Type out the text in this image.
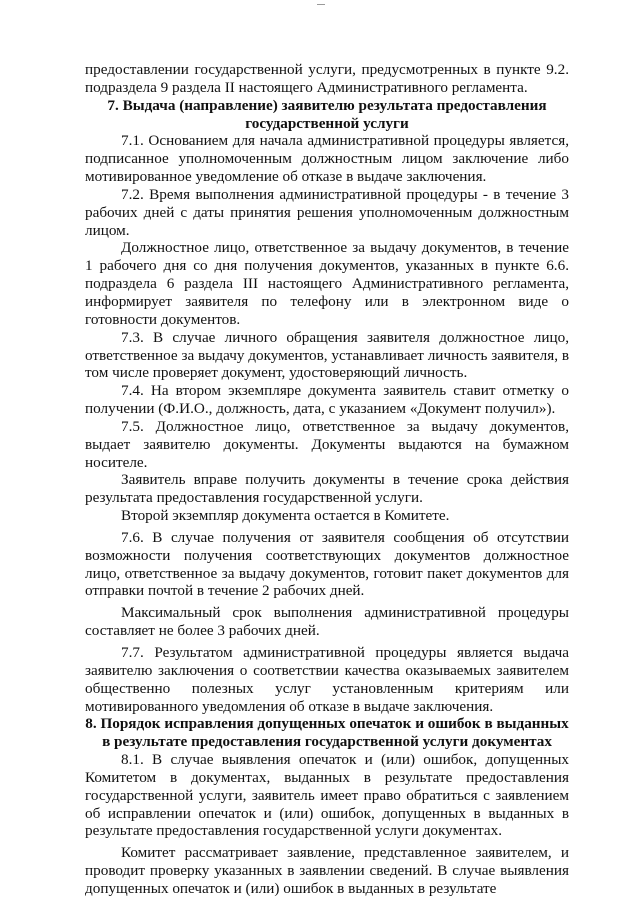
предоставлении государственной услуги, предусмотренных в пункте 9.2. подраздела 9 раздела II настоящего Административного регламента.

7. Выдача (направление) заявителю результата предоставления государственной услуги

7.1. Основанием для начала административной процедуры является, подписанное уполномоченным должностным лицом заключение либо мотивированное уведомление об отказе в выдаче заключения.

7.2. Время выполнения административной процедуры - в течение 3 рабочих дней с даты принятия решения уполномоченным должностным лицом.

Должностное лицо, ответственное за выдачу документов, в течение 1 рабочего дня со дня получения документов, указанных в пункте 6.6. подраздела 6 раздела III настоящего Административного регламента, информирует заявителя по телефону или в электронном виде о готовности документов.

7.3. В случае личного обращения заявителя должностное лицо, ответственное за выдачу документов, устанавливает личность заявителя, в том числе проверяет документ, удостоверяющий личность.

7.4. На втором экземпляре документа заявитель ставит отметку о получении (Ф.И.О., должность, дата, с указанием «Документ получил»).

7.5. Должностное лицо, ответственное за выдачу документов, выдает заявителю документы. Документы выдаются на бумажном носителе.

Заявитель вправе получить документы в течение срока действия результата предоставления государственной услуги.

Второй экземпляр документа остается в Комитете.

7.6. В случае получения от заявителя сообщения об отсутствии возможности получения соответствующих документов должностное лицо, ответственное за выдачу документов, готовит пакет документов для отправки почтой в течение 2 рабочих дней.

Максимальный срок выполнения административной процедуры составляет не более 3 рабочих дней.

7.7. Результатом административной процедуры является выдача заявителю заключения о соответствии качества оказываемых заявителем общественно полезных услуг установленным критериям или мотивированного уведомления об отказе в выдаче заключения.

8. Порядок исправления допущенных опечаток и ошибок в выданных в результате предоставления государственной услуги документах

8.1. В случае выявления опечаток и (или) ошибок, допущенных Комитетом в документах, выданных в результате предоставления государственной услуги, заявитель имеет право обратиться с заявлением об исправлении опечаток и (или) ошибок, допущенных в выданных в результате предоставления государственной услуги документах.

Комитет рассматривает заявление, представленное заявителем, и проводит проверку указанных в заявлении сведений. В случае выявления допущенных опечаток и (или) ошибок в выданных в результате
